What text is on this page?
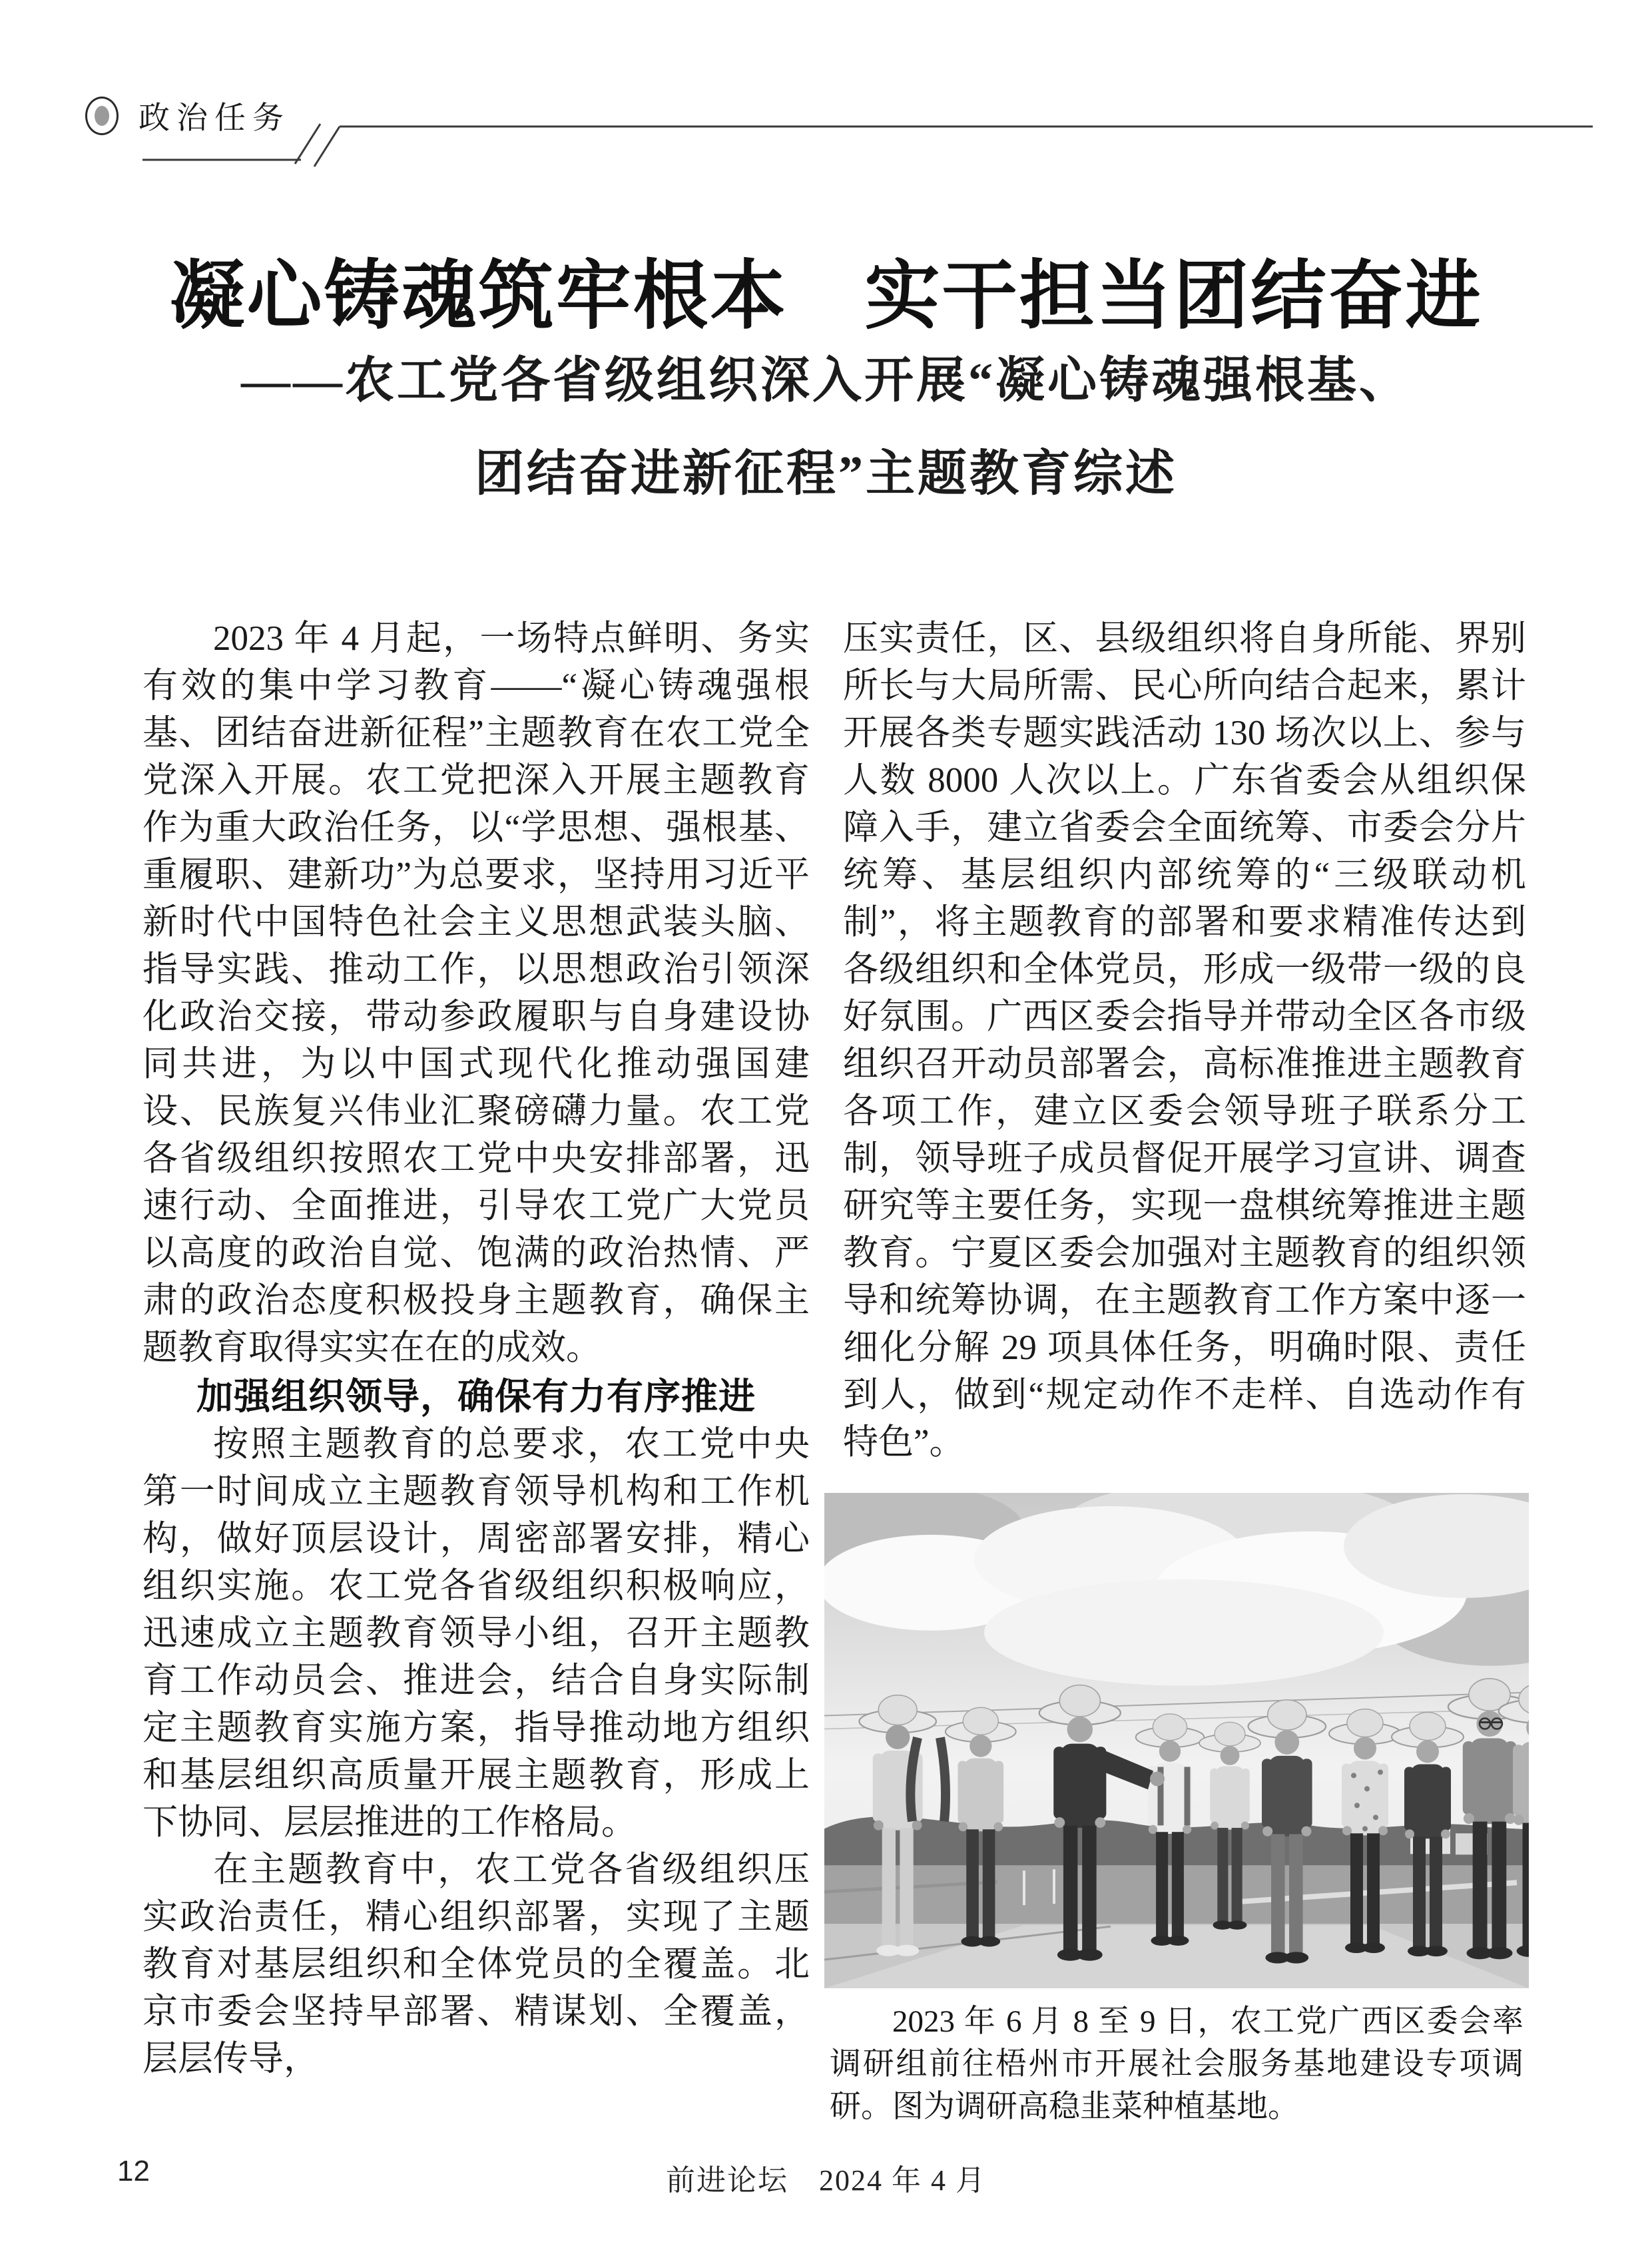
政治任务
凝心铸魂筑牢根本　实干担当团结奋进
——农工党各省级组织深入开展“凝心铸魂强根基、
团结奋进新征程”主题教育综述

2023 年 4 月起，一场特点鲜明、务实有效的集中学习教育——“凝心铸魂强根基、团结奋进新征程”主题教育在农工党全党深入开展。农工党把深入开展主题教育作为重大政治任务，以“学思想、强根基、重履职、建新功”为总要求，坚持用习近平新时代中国特色社会主义思想武装头脑、指导实践、推动工作，以思想政治引领深化政治交接，带动参政履职与自身建设协同共进，为以中国式现代化推动强国建设、民族复兴伟业汇聚磅礴力量。农工党各省级组织按照农工党中央安排部署，迅速行动、全面推进，引导农工党广大党员以高度的政治自觉、饱满的政治热情、严肃的政治态度积极投身主题教育，确保主题教育取得实实在在的成效。

加强组织领导，确保有力有序推进

按照主题教育的总要求，农工党中央第一时间成立主题教育领导机构和工作机构，做好顶层设计，周密部署安排，精心组织实施。农工党各省级组织积极响应，迅速成立主题教育领导小组，召开主题教育工作动员会、推进会，结合自身实际制定主题教育实施方案，指导推动地方组织和基层组织高质量开展主题教育，形成上下协同、层层推进的工作格局。

在主题教育中，农工党各省级组织压实政治责任，精心组织部署，实现了主题教育对基层组织和全体党员的全覆盖。北京市委会坚持早部署、精谋划、全覆盖，层层传导，

压实责任，区、县级组织将自身所能、界别所长与大局所需、民心所向结合起来，累计开展各类专题实践活动 130 场次以上、参与人数 8000 人次以上。广东省委会从组织保障入手，建立省委会全面统筹、市委会分片统筹、基层组织内部统筹的“三级联动机制”，将主题教育的部署和要求精准传达到各级组织和全体党员，形成一级带一级的良好氛围。广西区委会指导并带动全区各市级组织召开动员部署会，高标准推进主题教育各项工作，建立区委会领导班子联系分工制，领导班子成员督促开展学习宣讲、调查研究等主要任务，实现一盘棋统筹推进主题教育。宁夏区委会加强对主题教育的组织领导和统筹协调，在主题教育工作方案中逐一细化分解 29 项具体任务，明确时限、责任到人，做到“规定动作不走样、自选动作有特色”。

2023 年 6 月 8 至 9 日，农工党广西区委会率调研组前往梧州市开展社会服务基地建设专项调研。图为调研高稳韭菜种植基地。
12	前进论坛　2024 年 4 月
